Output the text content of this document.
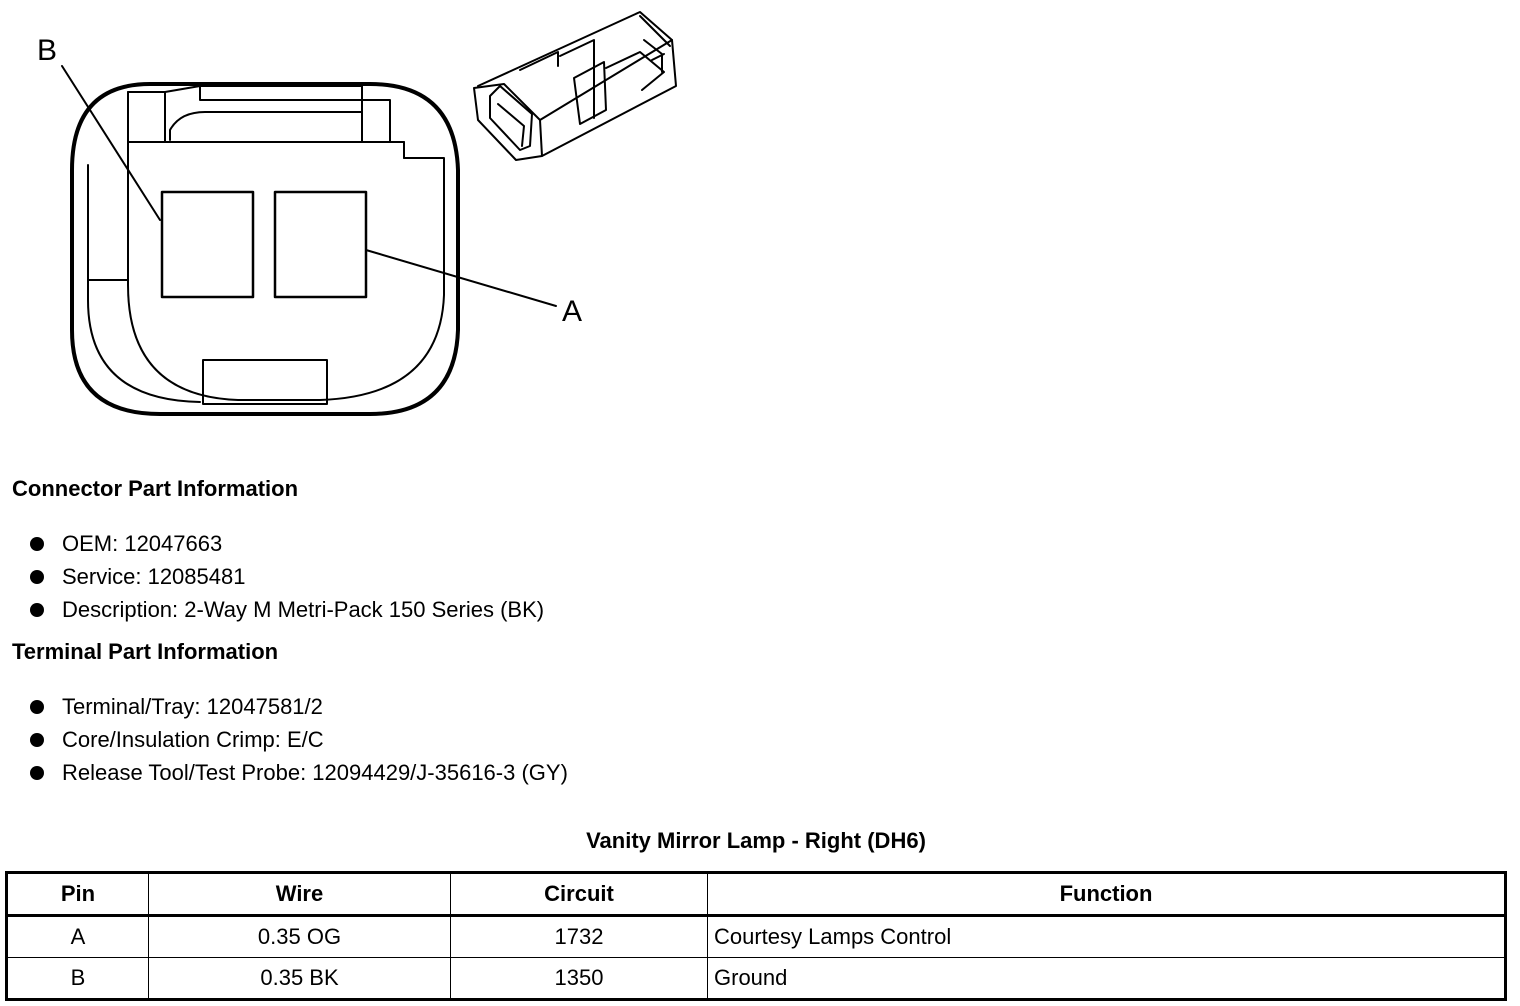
B
A
Connector Part Information
OEM: 12047663
Service: 12085481
Description: 2-Way M Metri-Pack 150 Series (BK)
Terminal Part Information
Terminal/Tray: 12047581/2
Core/Insulation Crimp: E/C
Release Tool/Test Probe: 12094429/J-35616-3 (GY)
Vanity Mirror Lamp - Right (DH6)
Pin	Wire	Circuit	Function
A	0.35 OG	1732	Courtesy Lamps Control
B	0.35 BK	1350	Ground
